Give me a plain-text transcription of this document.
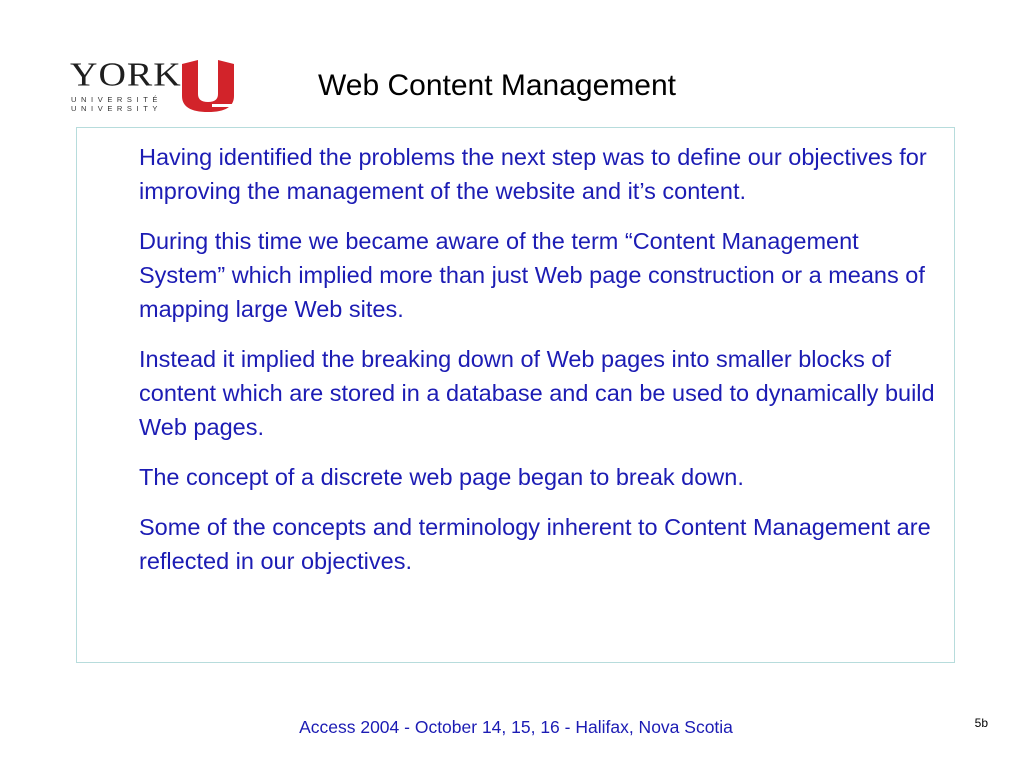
YORK
UNIVERSITÉ
UNIVERSITY
Web Content Management
Having identified the problems the next step was to define our objectives for improving the management of the website and it’s content.
During this time we became aware of the term “Content Management System” which implied more than just Web page construction or a means of mapping large Web sites.
Instead it implied the breaking down of Web pages into smaller blocks of content which are stored in a database and can be used to dynamically build Web pages.
The concept of a discrete web page began to break down.
Some of the concepts and terminology inherent to Content Management are reflected in our objectives.
Access 2004 - October 14, 15, 16 - Halifax, Nova Scotia	5b
